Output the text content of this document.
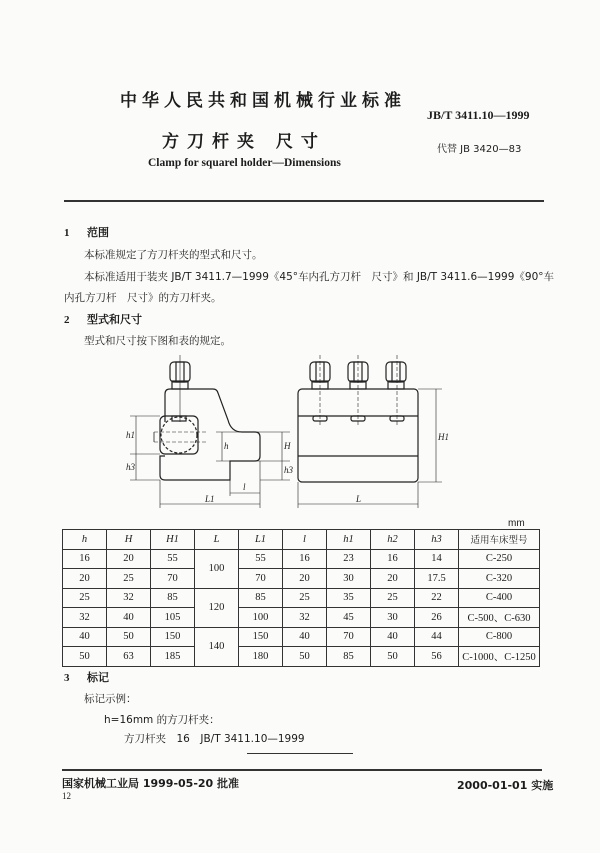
中华人民共和国机械行业标准
JB/T 3411.10—1999
方刀杆夹 尺寸	代替 JB 3420—83
Clamp for squarel holder—Dimensions
1 范围
本标准规定了方刀杆夹的型式和尺寸。
本标准适用于装夹 JB/T 3411.7—1999《45°车内孔方刀杆　尺寸》和 JB/T 3411.6—1999《90°车
内孔方刀杆　尺寸》的方刀杆夹。
2 型式和尺寸
型式和尺寸按下图和表的规定。
h1
h3
h	H
h3
l
L1
H1
L
mm
h	H	H1	L	L1	l	h1	h2	h3	适用车床型号
16	20	55	100	55	16	23	16	14	C-250
20	25	70		70	20	30	20	17.5	C-320
25	32	85	120	85	25	35	25	22	C-400
32	40	105		100	32	45	30	26	C-500、C-630
40	50	150	140	150	40	70	40	44	C-800
50	63	185		180	50	85	50	56	C-1000、C-1250
3 标记
标记示例：
h=16mm 的方刀杆夹：
方刀杆夹　16　JB/T 3411.10—1999
国家机械工业局 1999-05-20 批准	2000-01-01 实施
12
